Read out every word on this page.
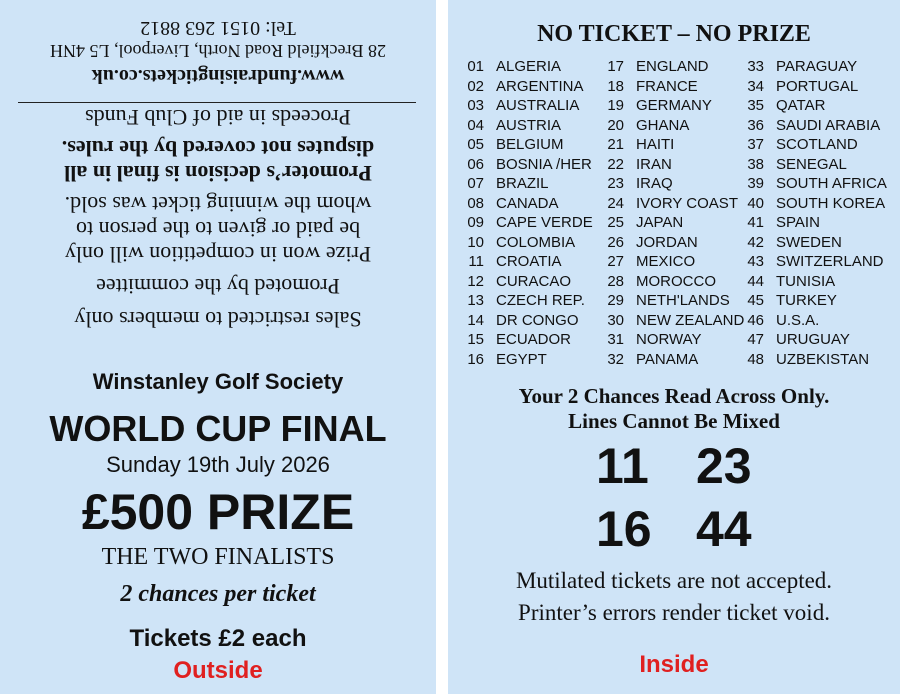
Sales restricted to members only
Promoted by the committee
Prize won in competition will only
be paid or given to the person to
whom the winning ticket was sold.
Promoter’s decision is final in all
disputes not covered by the rules.
Proceeds in aid of Club Funds
www.fundraisingtickets.co.uk
28 Breckfield Road North, Liverpool, L5 4NH
Tel: 0151 263 8812
Winstanley Golf Society
WORLD CUP FINAL
Sunday 19th July 2026
£500 PRIZE
THE TWO FINALISTS
2 chances per ticket
Tickets £2 each
Outside
NO TICKET – NO PRIZE
01 ALGERIA
02 ARGENTINA
03 AUSTRALIA
04 AUSTRIA
05 BELGIUM
06 BOSNIA /HER
07 BRAZIL
08 CANADA
09 CAPE VERDE
10 COLOMBIA
11 CROATIA
12 CURACAO
13 CZECH REP.
14 DR CONGO
15 ECUADOR
16 EGYPT
17 ENGLAND
18 FRANCE
19 GERMANY
20 GHANA
21 HAITI
22 IRAN
23 IRAQ
24 IVORY COAST
25 JAPAN
26 JORDAN
27 MEXICO
28 MOROCCO
29 NETH'LANDS
30 NEW ZEALAND
31 NORWAY
32 PANAMA
33 PARAGUAY
34 PORTUGAL
35 QATAR
36 SAUDI ARABIA
37 SCOTLAND
38 SENEGAL
39 SOUTH AFRICA
40 SOUTH KOREA
41 SPAIN
42 SWEDEN
43 SWITZERLAND
44 TUNISIA
45 TURKEY
46 U.S.A.
47 URUGUAY
48 UZBEKISTAN
Your 2 Chances Read Across Only.
Lines Cannot Be Mixed
11 23
16 44
Mutilated tickets are not accepted.
Printer’s errors render ticket void.
Inside
